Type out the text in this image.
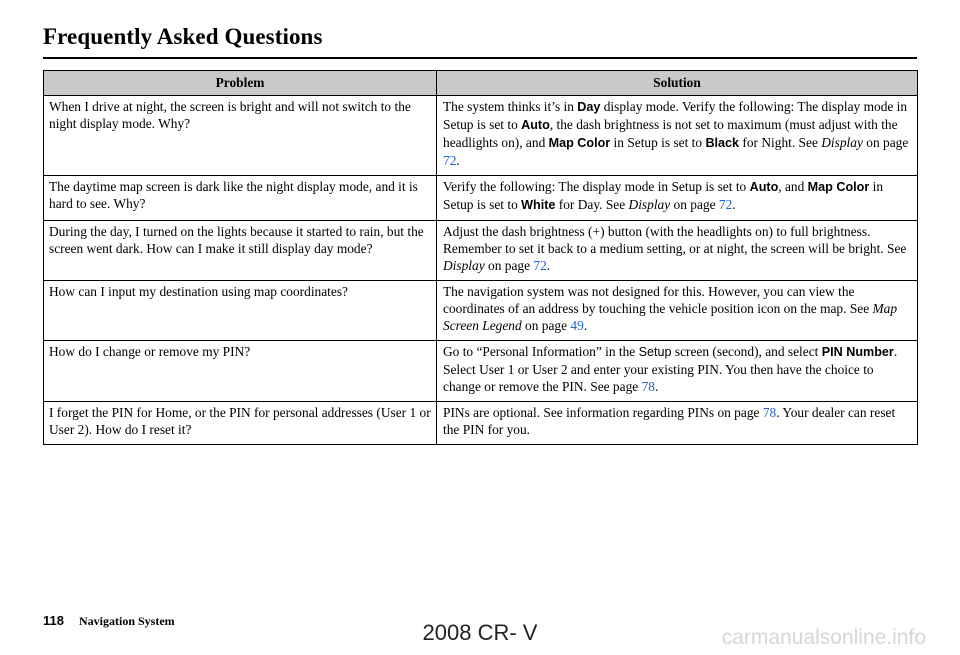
Frequently Asked Questions
Problem	Solution
When I drive at night, the screen is bright and will not switch to the night display mode. Why?	The system thinks it’s in Day display mode. Verify the following: The display mode in Setup is set to Auto, the dash brightness is not set to maximum (must adjust with the headlights on), and Map Color in Setup is set to Black for Night. See Display on page 72.
The daytime map screen is dark like the night display mode, and it is hard to see. Why?	Verify the following: The display mode in Setup is set to Auto, and Map Color in Setup is set to White for Day. See Display on page 72.
During the day, I turned on the lights because it started to rain, but the screen went dark. How can I make it still display day mode?	Adjust the dash brightness (+) button (with the headlights on) to full brightness. Remember to set it back to a medium setting, or at night, the screen will be bright. See Display on page 72.
How can I input my destination using map coordinates?	The navigation system was not designed for this. However, you can view the coordinates of an address by touching the vehicle position icon on the map. See Map Screen Legend on page 49.
How do I change or remove my PIN?	Go to “Personal Information” in the Setup screen (second), and select PIN Number. Select User 1 or User 2 and enter your existing PIN. You then have the choice to change or remove the PIN. See page 78.
I forget the PIN for Home, or the PIN for personal addresses (User 1 or User 2). How do I reset it?	PINs are optional. See information regarding PINs on page 78. Your dealer can reset the PIN for you.
118 Navigation System	2008 CR- V	carmanualsonline.info
